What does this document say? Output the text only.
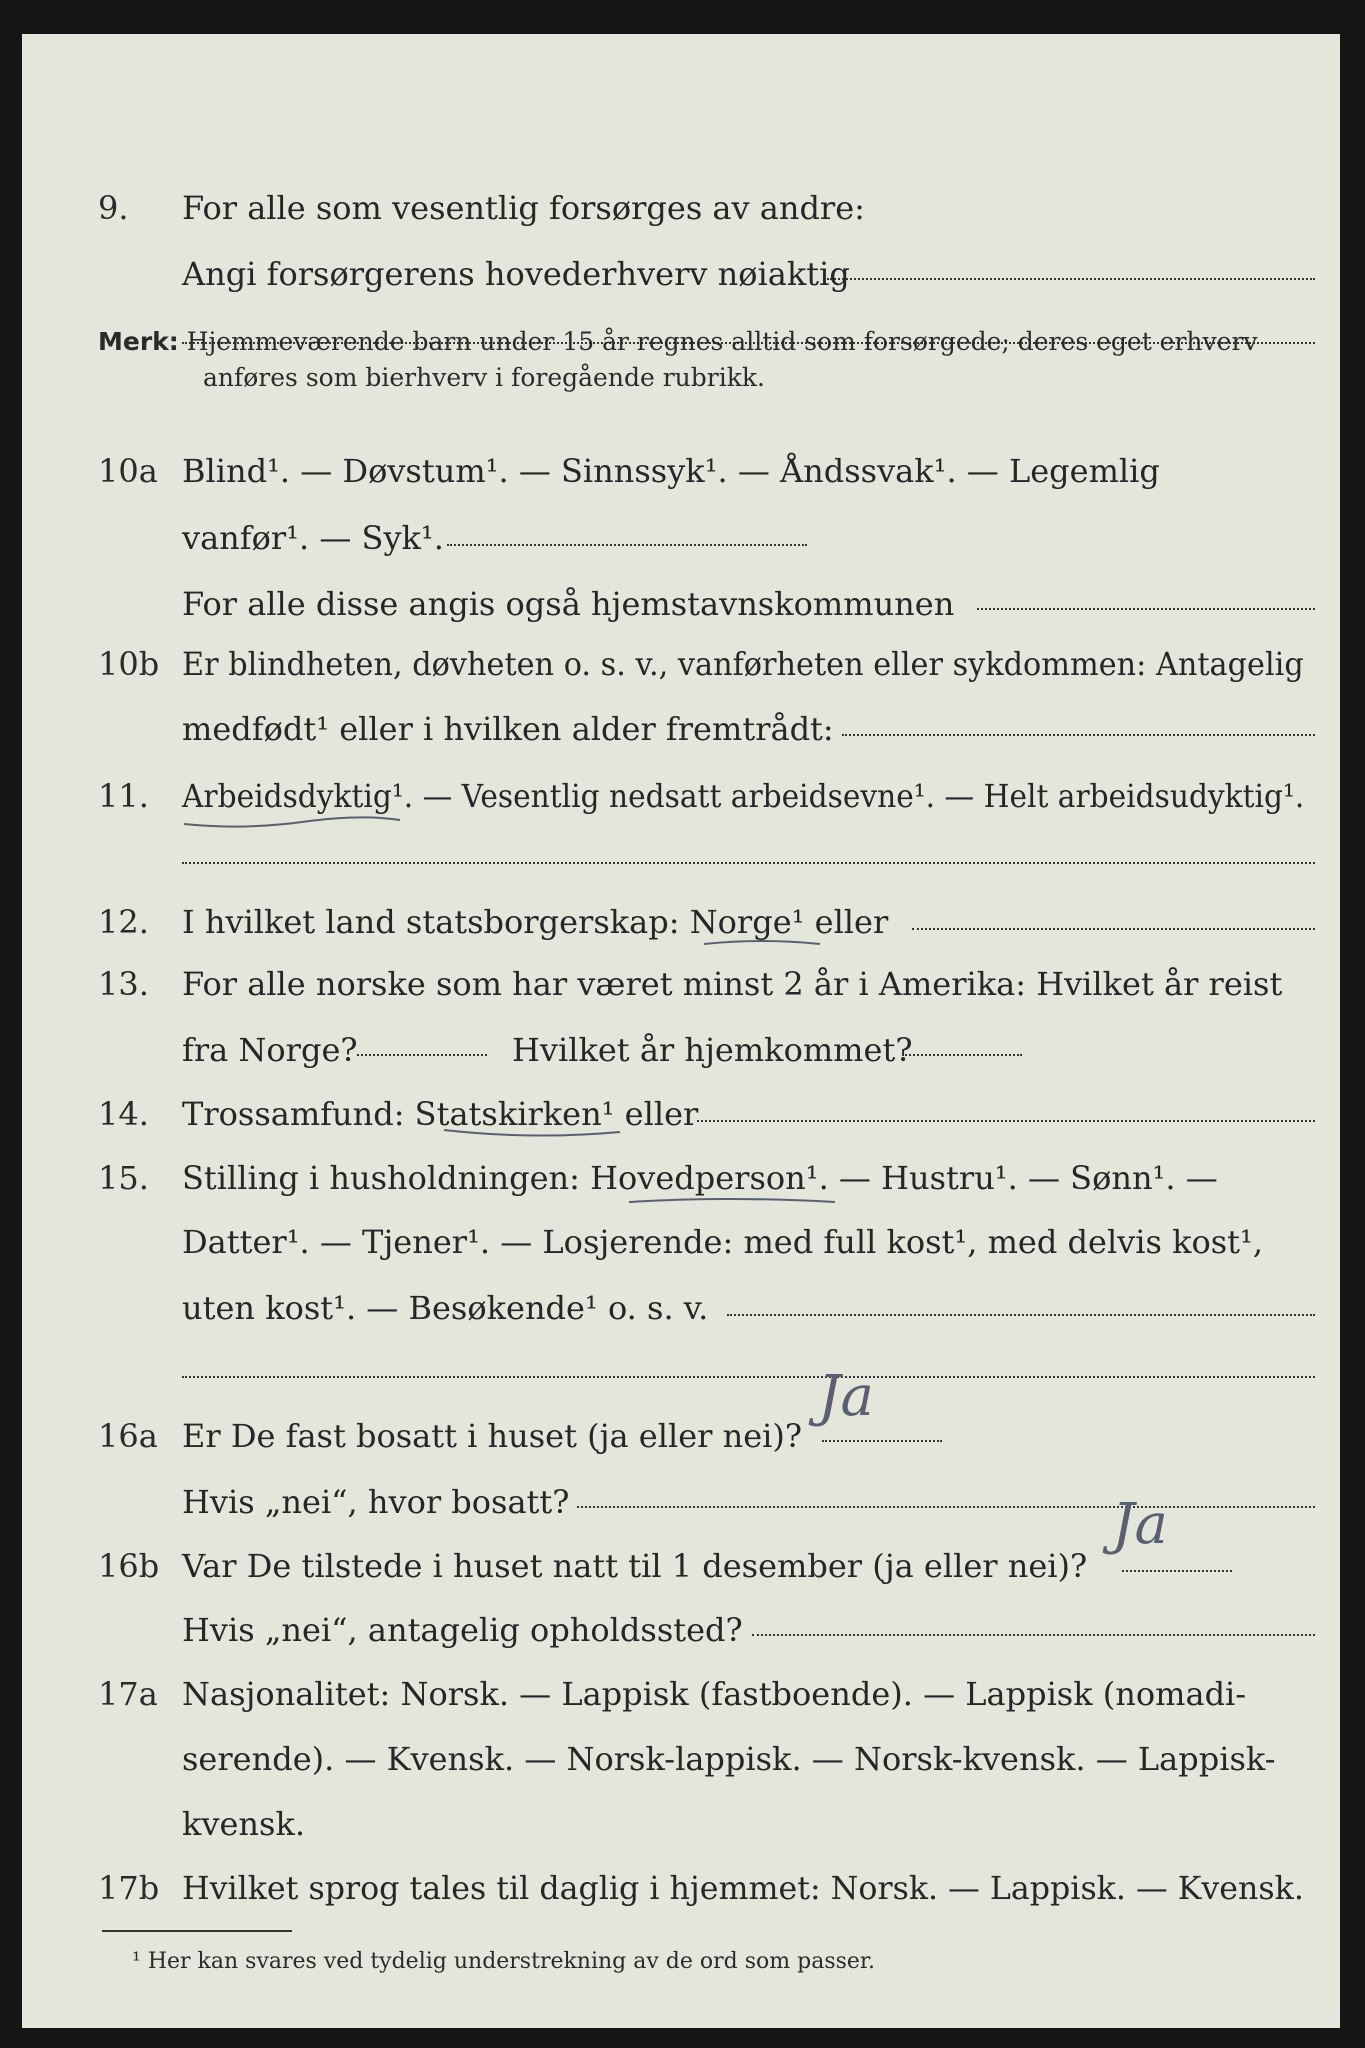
9. For alle som vesentlig forsørges av andre:
Angi forsørgerens hovederhverv nøiaktig
Merk: Hjemmeværende barn under 15 år regnes alltid som forsørgede; deres eget erhverv
anføres som bierhverv i foregående rubrikk.
10a Blind¹. — Døvstum¹. — Sinnssyk¹. — Åndssvak¹. — Legemlig
vanfør¹. — Syk¹.
For alle disse angis også hjemstavnskommunen
10b Er blindheten, døvheten o. s. v., vanførheten eller sykdommen: Antagelig
medfødt¹ eller i hvilken alder fremtrådt:
11. Arbeidsdyktig¹. — Vesentlig nedsatt arbeidsevne¹. — Helt arbeidsudyktig¹.
12. I hvilket land statsborgerskap: Norge¹ eller
13. For alle norske som har været minst 2 år i Amerika: Hvilket år reist
fra Norge?	Hvilket år hjemkommet?
14. Trossamfund: Statskirken¹ eller
15. Stilling i husholdningen: Hovedperson¹. — Hustru¹. — Sønn¹. —
Datter¹. — Tjener¹. — Losjerende: med full kost¹, med delvis kost¹,
uten kost¹. — Besøkende¹ o. s. v.
16a Er De fast bosatt i huset (ja eller nei)?
Ja
Hvis „nei“, hvor bosatt?
16b Var De tilstede i huset natt til 1 desember (ja eller nei)?
Ja
Hvis „nei“, antagelig opholdssted?
17a Nasjonalitet: Norsk. — Lappisk (fastboende). — Lappisk (nomadi-
serende). — Kvensk. — Norsk-lappisk. — Norsk-kvensk. — Lappisk-
kvensk.
17b Hvilket sprog tales til daglig i hjemmet: Norsk. — Lappisk. — Kvensk.
¹ Her kan svares ved tydelig understrekning av de ord som passer.
